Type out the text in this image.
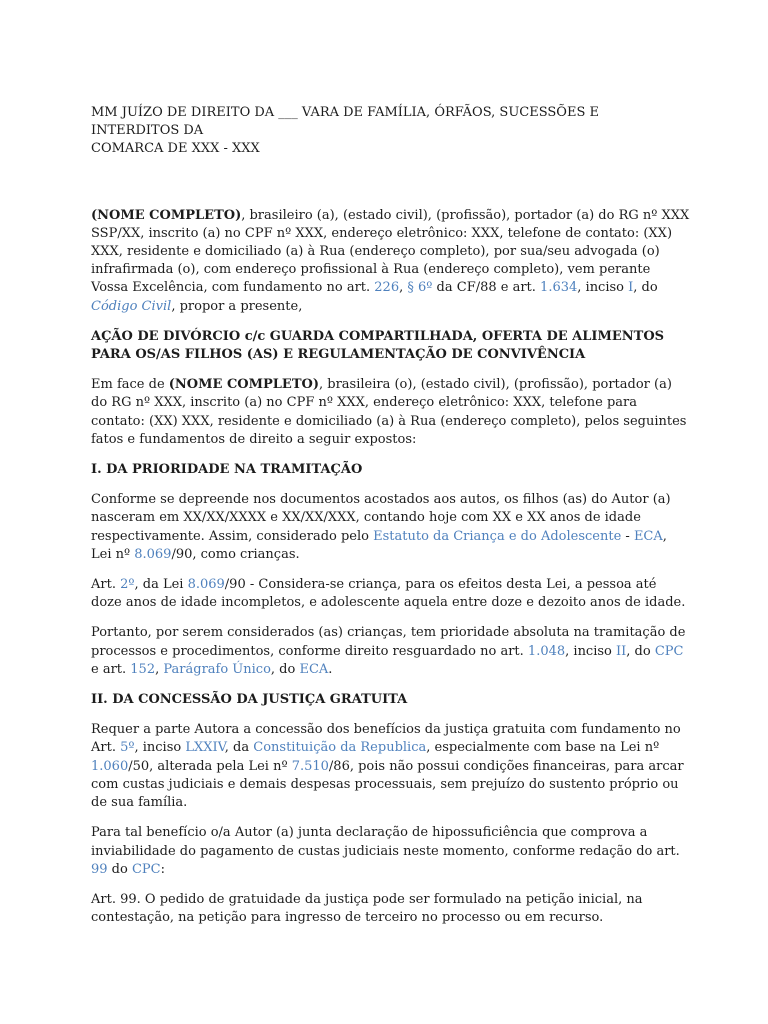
MM JUÍZO DE DIREITO DA ___ VARA DE FAMÍLIA, ÓRFÃOS, SUCESSÕES E INTERDITOS DA

COMARCA DE XXX - XXX

(NOME COMPLETO), brasileiro (a), (estado civil), (profissão), portador (a) do RG nº XXX SSP/XX, inscrito (a) no CPF nº XXX, endereço eletrônico: XXX, telefone de contato: (XX) XXX, residente e domiciliado (a) à Rua (endereço completo), por sua/seu advogada (o) infrafirmada (o), com endereço profissional à Rua (endereço completo), vem perante Vossa Excelência, com fundamento no art. 226, § 6º da CF/88 e art. 1.634, inciso I, do Código Civil, propor a presente,

AÇÃO DE DIVÓRCIO c/c GUARDA COMPARTILHADA, OFERTA DE ALIMENTOS PARA OS/AS FILHOS (AS) E REGULAMENTAÇÃO DE CONVIVÊNCIA

Em face de (NOME COMPLETO), brasileira (o), (estado civil), (profissão), portador (a) do RG nº XXX, inscrito (a) no CPF nº XXX, endereço eletrônico: XXX, telefone para contato: (XX) XXX, residente e domiciliado (a) à Rua (endereço completo), pelos seguintes fatos e fundamentos de direito a seguir expostos:

I. DA PRIORIDADE NA TRAMITAÇÃO

Conforme se depreende nos documentos acostados aos autos, os filhos (as) do Autor (a) nasceram em XX/XX/XXXX e XX/XX/XXX, contando hoje com XX e XX anos de idade respectivamente. Assim, considerado pelo Estatuto da Criança e do Adolescente - ECA, Lei nº 8.069/90, como crianças.

Art. 2º, da Lei 8.069/90 - Considera-se criança, para os efeitos desta Lei, a pessoa até doze anos de idade incompletos, e adolescente aquela entre doze e dezoito anos de idade.

Portanto, por serem considerados (as) crianças, tem prioridade absoluta na tramitação de processos e procedimentos, conforme direito resguardado no art. 1.048, inciso II, do CPC e art. 152, Parágrafo Único, do ECA.

II. DA CONCESSÃO DA JUSTIÇA GRATUITA

Requer a parte Autora a concessão dos benefícios da justiça gratuita com fundamento no Art. 5º, inciso LXXIV, da Constituição da Republica, especialmente com base na Lei nº 1.060/50, alterada pela Lei nº 7.510/86, pois não possui condições financeiras, para arcar com custas judiciais e demais despesas processuais, sem prejuízo do sustento próprio ou de sua família.

Para tal benefício o/a Autor (a) junta declaração de hipossuficiência que comprova a inviabilidade do pagamento de custas judiciais neste momento, conforme redação do art. 99 do CPC:

Art. 99. O pedido de gratuidade da justiça pode ser formulado na petição inicial, na contestação, na petição para ingresso de terceiro no processo ou em recurso.
